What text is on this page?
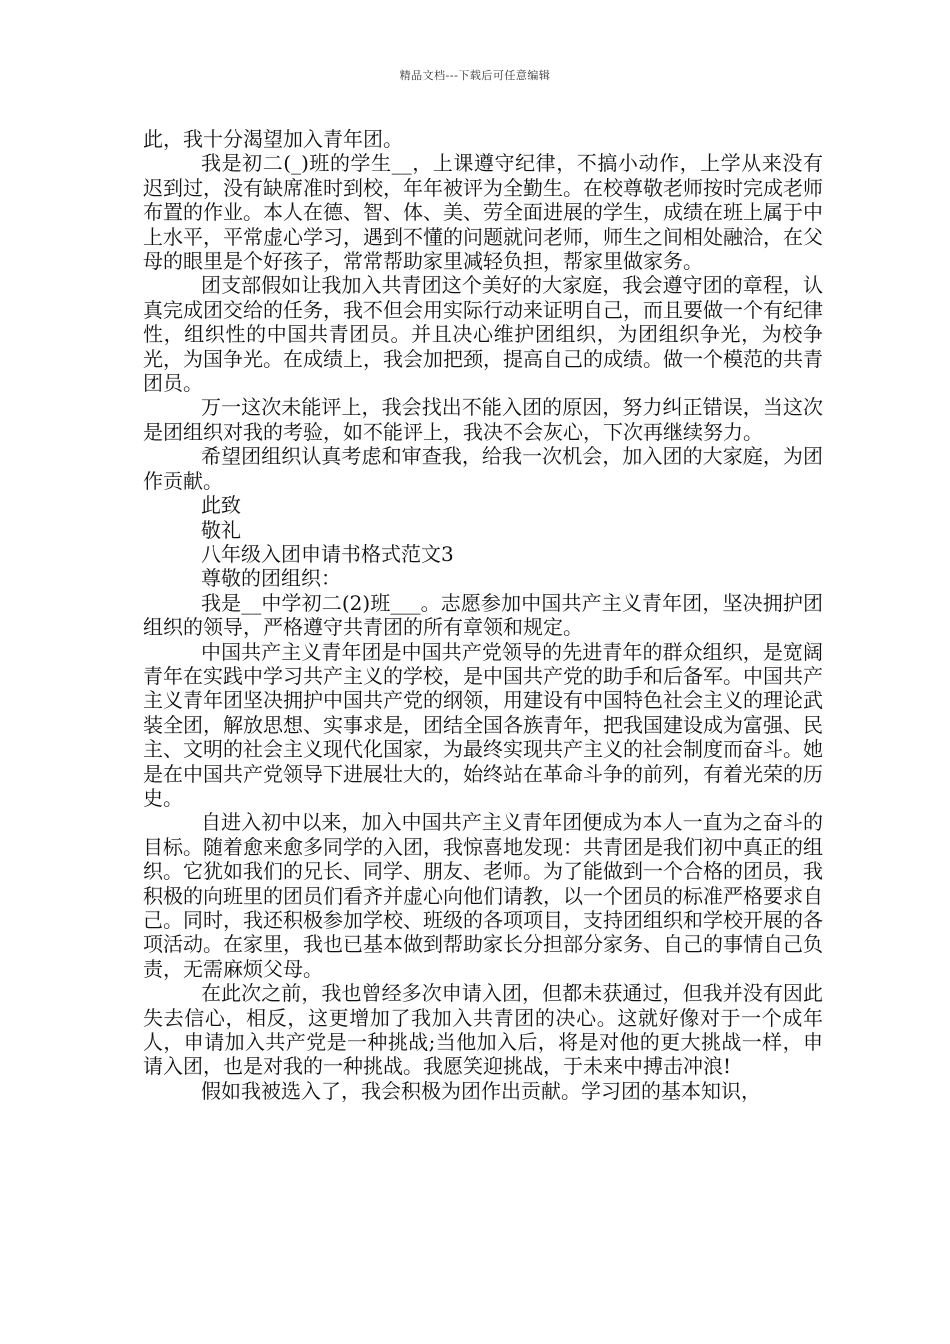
精品文档---下载后可任意编辑

此，我十分渴望加入青年团。

我是初二(_)班的学生__，上课遵守纪律，不搞小动作，上学从来没有迟到过，没有缺席准时到校，年年被评为全勤生。在校尊敬老师按时完成老师布置的作业。本人在德、智、体、美、劳全面进展的学生，成绩在班上属于中上水平，平常虚心学习，遇到不懂的问题就问老师，师生之间相处融洽，在父母的眼里是个好孩子，常常帮助家里减轻负担，帮家里做家务。

团支部假如让我加入共青团这个美好的大家庭，我会遵守团的章程，认真完成团交给的任务，我不但会用实际行动来证明自己，而且要做一个有纪律性，组织性的中国共青团员。并且决心维护团组织，为团组织争光，为校争光，为国争光。在成绩上，我会加把颈，提高自己的成绩。做一个模范的共青团员。

万一这次未能评上，我会找出不能入团的原因，努力纠正错误，当这次是团组织对我的考验，如不能评上，我决不会灰心，下次再继续努力。

希望团组织认真考虑和审查我，给我一次机会，加入团的大家庭，为团作贡献。

此致

敬礼

八年级入团申请书格式范文3

尊敬的团组织：

我是__中学初二(2)班___。志愿参加中国共产主义青年团，坚决拥护团组织的领导，严格遵守共青团的所有章领和规定。

中国共产主义青年团是中国共产党领导的先进青年的群众组织，是宽阔青年在实践中学习共产主义的学校，是中国共产党的助手和后备军。中国共产主义青年团坚决拥护中国共产党的纲领，用建设有中国特色社会主义的理论武装全团，解放思想、实事求是，团结全国各族青年，把我国建设成为富强、民主、文明的社会主义现代化国家，为最终实现共产主义的社会制度而奋斗。她是在中国共产党领导下进展壮大的，始终站在革命斗争的前列，有着光荣的历史。

自进入初中以来，加入中国共产主义青年团便成为本人一直为之奋斗的目标。随着愈来愈多同学的入团，我惊喜地发现：共青团是我们初中真正的组织。它犹如我们的兄长、同学、朋友、老师。为了能做到一个合格的团员，我积极的向班里的团员们看齐并虚心向他们请教，以一个团员的标准严格要求自己。同时，我还积极参加学校、班级的各项项目，支持团组织和学校开展的各项活动。在家里，我也已基本做到帮助家长分担部分家务、自己的事情自己负责，无需麻烦父母。

在此次之前，我也曾经多次申请入团，但都未获通过，但我并没有因此失去信心，相反，这更增加了我加入共青团的决心。这就好像对于一个成年人，申请加入共产党是一种挑战;当他加入后，将是对他的更大挑战一样，申请入团，也是对我的一种挑战。我愿笑迎挑战，于未来中搏击冲浪!

假如我被选入了，我会积极为团作出贡献。学习团的基本知识，
